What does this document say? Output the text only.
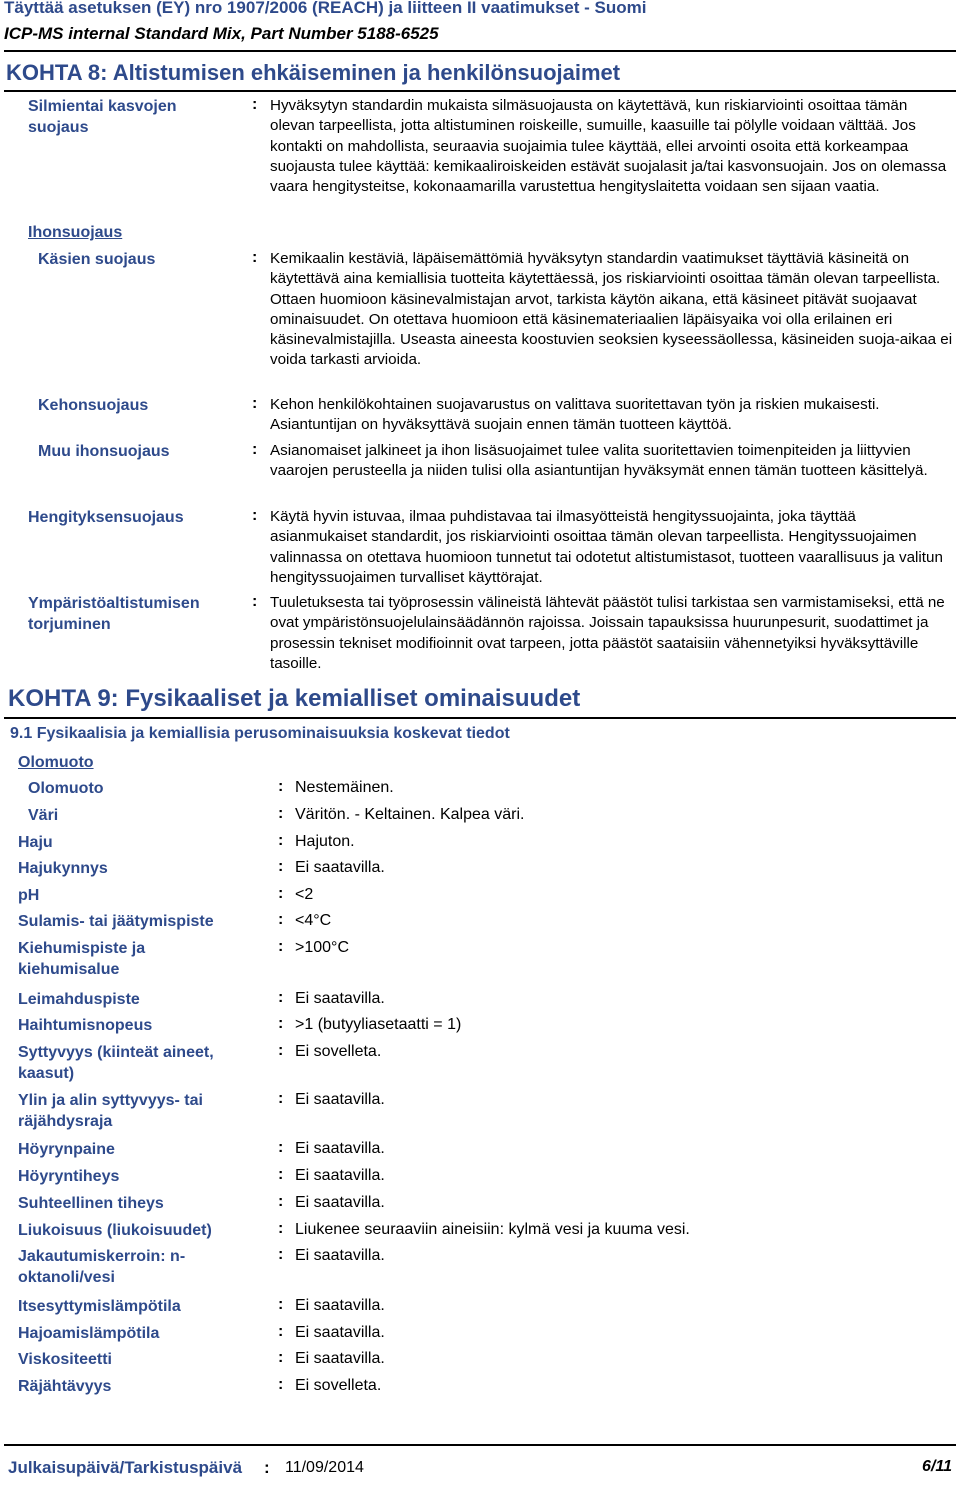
Täyttää asetuksen (EY) nro 1907/2006 (REACH) ja liitteen II vaatimukset - Suomi
ICP-MS internal Standard Mix, Part Number 5188-6525
KOHTA 8: Altistumisen ehkäiseminen ja henkilönsuojaimet
Silmientai kasvojen suojaus
: Hyväksytyn standardin mukaista silmäsuojausta on käytettävä, kun riskiarviointi osoittaa tämän olevan tarpeellista, jotta altistuminen roiskeille, sumuille, kaasuille tai pölylle voidaan välttää. Jos kontakti on mahdollista, seuraavia suojaimia tulee käyttää, ellei arvointi osoita että korkeampaa suojausta tulee käyttää: kemikaaliroiskeiden estävät suojalasit ja/tai kasvonsuojain. Jos on olemassa vaara hengitysteitse, kokonaamarilla varustettua hengityslaitetta voidaan sen sijaan vaatia.
Ihonsuojaus
Käsien suojaus	: Kemikaalin kestäviä, läpäisemättömiä hyväksytyn standardin vaatimukset täyttäviä käsineitä on käytettävä aina kemiallisia tuotteita käytettäessä, jos riskiarviointi osoittaa tämän olevan tarpeellista. Ottaen huomioon käsinevalmistajan arvot, tarkista käytön aikana, että käsineet pitävät suojaavat ominaisuudet. On otettava huomioon että käsinemateriaalien läpäisyaika voi olla erilainen eri käsinevalmistajilla. Useasta aineesta koostuvien seoksien kyseessäollessa, käsineiden suoja-aikaa ei voida tarkasti arvioida.
Kehonsuojaus	: Kehon henkilökohtainen suojavarustus on valittava suoritettavan työn ja riskien mukaisesti. Asiantuntijan on hyväksyttävä suojain ennen tämän tuotteen käyttöä.
Muu ihonsuojaus	: Asianomaiset jalkineet ja ihon lisäsuojaimet tulee valita suoritettavien toimenpiteiden ja liittyvien vaarojen perusteella ja niiden tulisi olla asiantuntijan hyväksymät ennen tämän tuotteen käsittelyä.
Hengityksensuojaus	: Käytä hyvin istuvaa, ilmaa puhdistavaa tai ilmasyötteistä hengityssuojainta, joka täyttää asianmukaiset standardit, jos riskiarviointi osoittaa tämän olevan tarpeellista. Hengityssuojaimen valinnassa on otettava huomioon tunnetut tai odotetut altistumistasot, tuotteen vaarallisuus ja valitun hengityssuojaimen turvalliset käyttörajat.
Ympäristöaltistumisen torjuminen
: Tuuletuksesta tai työprosessin välineistä lähtevät päästöt tulisi tarkistaa sen varmistamiseksi, että ne ovat ympäristönsuojelulainsäädännön rajoissa. Joissain tapauksissa huurunpesurit, suodattimet ja prosessin tekniset modifioinnit ovat tarpeen, jotta päästöt saataisiin vähennetyiksi hyväksyttäville tasoille.
KOHTA 9: Fysikaaliset ja kemialliset ominaisuudet
9.1 Fysikaalisia ja kemiallisia perusominaisuuksia koskevat tiedot
Olomuoto
Olomuoto	: Nestemäinen.
Väri	: Väritön. - Keltainen. Kalpea väri.
Haju	: Hajuton.
Hajukynnys	: Ei saatavilla.
pH	: <2
Sulamis- tai jäätymispiste	: <4°C
Kiehumispiste ja kiehumisalue
: >100°C
Leimahduspiste	: Ei saatavilla.
Haihtumisnopeus	: >1 (butyyliasetaatti = 1)
Syttyvyys (kiinteät aineet, kaasut)
: Ei sovelleta.
Ylin ja alin syttyvyys- tai räjähdysraja
: Ei saatavilla.
Höyrynpaine	: Ei saatavilla.
Höyryntiheys	: Ei saatavilla.
Suhteellinen tiheys	: Ei saatavilla.
Liukoisuus (liukoisuudet)	: Liukenee seuraaviin aineisiin: kylmä vesi ja kuuma vesi.
Jakautumiskerroin: n-oktanoli/vesi
: Ei saatavilla.
Itsesyttymislämpötila	: Ei saatavilla.
Hajoamislämpötila	: Ei saatavilla.
Viskositeetti	: Ei saatavilla.
Räjähtävyys	: Ei sovelleta.
Julkaisupäivä/Tarkistuspäivä : 11/09/2014	6/11
